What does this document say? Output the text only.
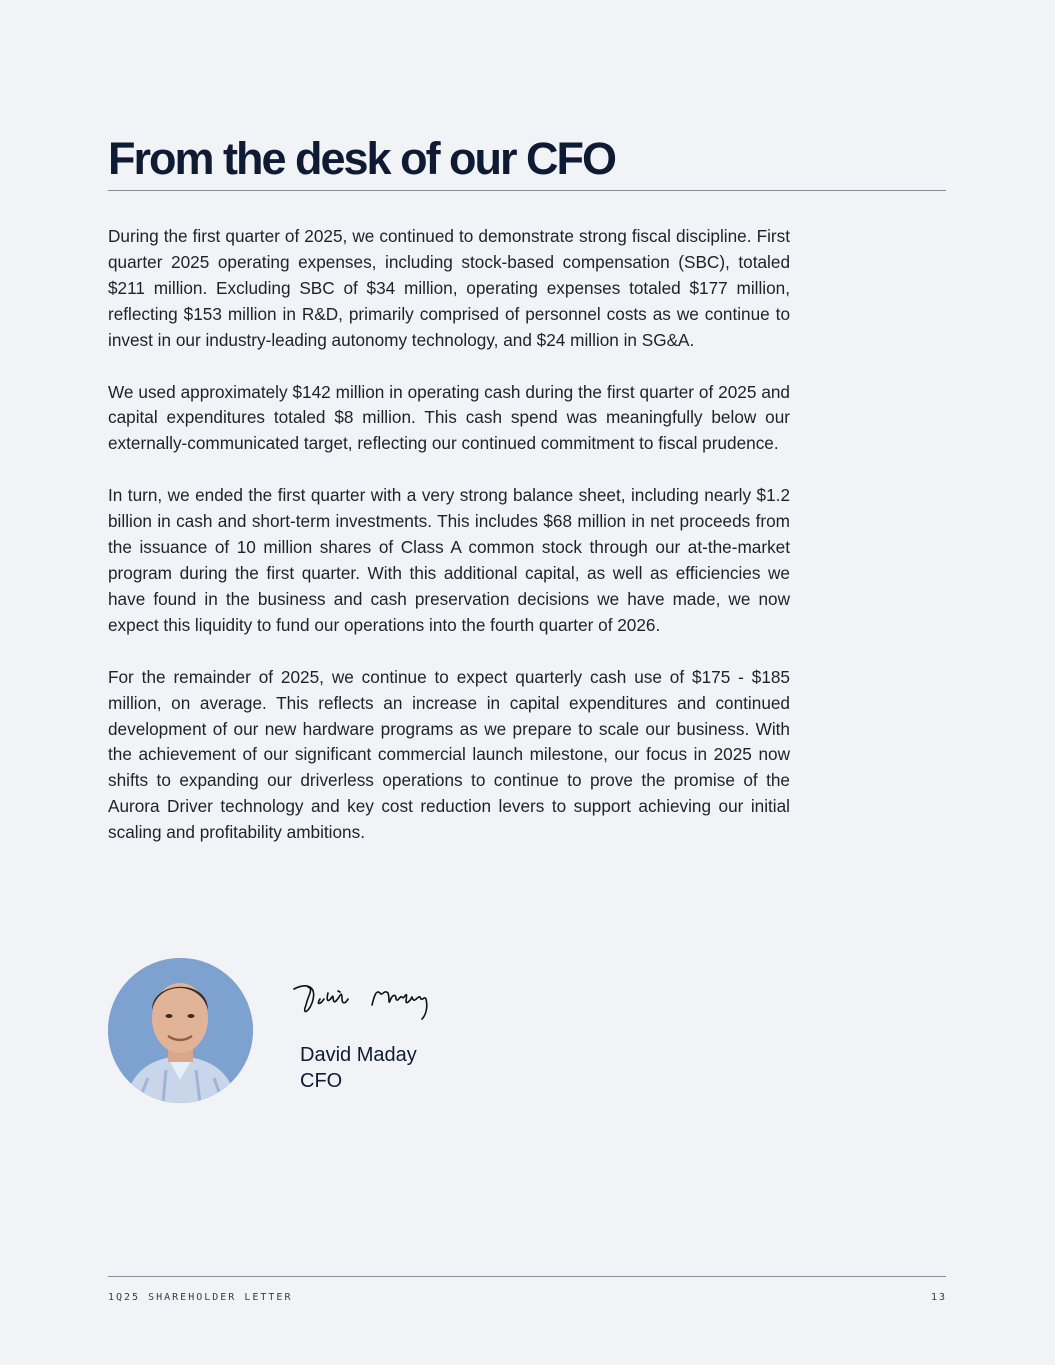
From the desk of our CFO

During the first quarter of 2025, we continued to demonstrate strong fiscal discipline. First quarter 2025 operating expenses, including stock-based compensation (SBC), totaled $211 million. Excluding SBC of $34 million, operating expenses totaled $177 million, reflecting $153 million in R&D, primarily comprised of personnel costs as we continue to invest in our industry-leading autonomy technology, and $24 million in SG&A.

We used approximately $142 million in operating cash during the first quarter of 2025 and capital expenditures totaled $8 million. This cash spend was meaningfully below our externally-communicated target, reflecting our continued commitment to fiscal prudence.

In turn, we ended the first quarter with a very strong balance sheet, including nearly $1.2 billion in cash and short-term investments. This includes $68 million in net proceeds from the issuance of 10 million shares of Class A common stock through our at-the-market program during the first quarter. With this additional capital, as well as efficiencies we have found in the business and cash preservation decisions we have made, we now expect this liquidity to fund our operations into the fourth quarter of 2026.

For the remainder of 2025, we continue to expect quarterly cash use of $175 - $185 million, on average. This reflects an increase in capital expenditures and continued development of our new hardware programs as we prepare to scale our business. With the achievement of our significant commercial launch milestone, our focus in 2025 now shifts to expanding our driverless operations to continue to prove the promise of the Aurora Driver technology and key cost reduction levers to support achieving our initial scaling and profitability ambitions.

David Maday
CFO
1Q25 SHAREHOLDER LETTER	13
